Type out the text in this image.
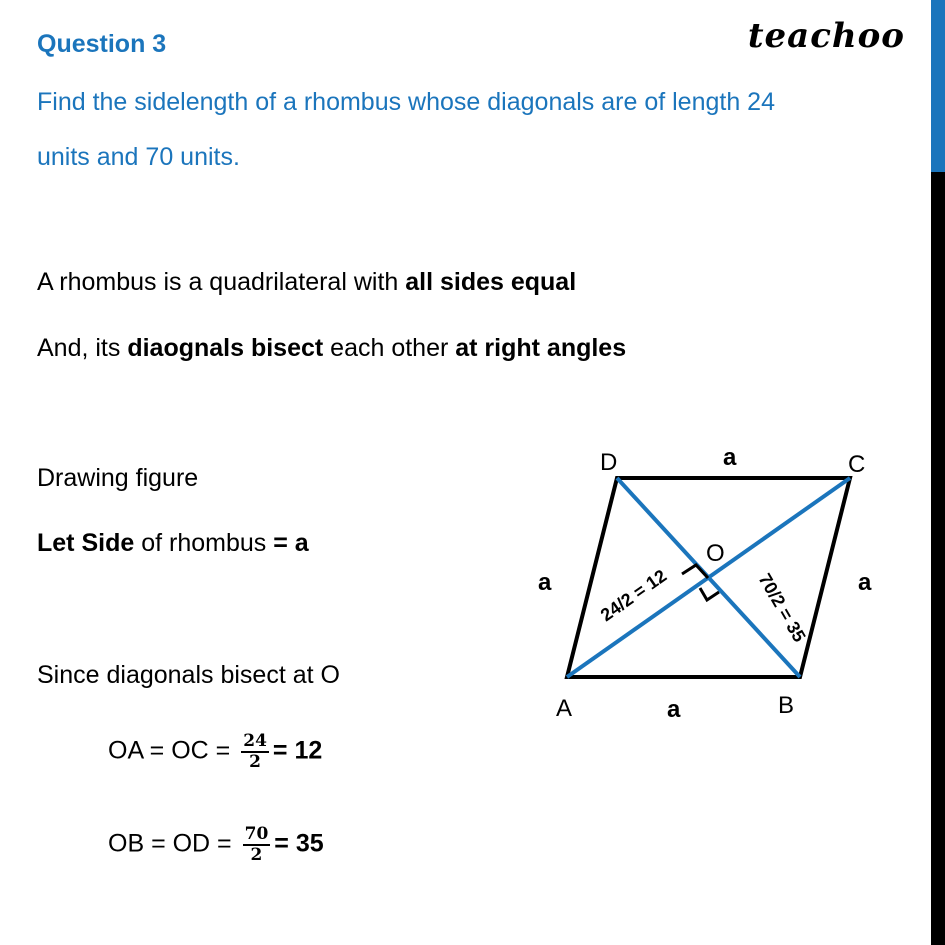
Question 3	teachoo
Find the sidelength of a rhombus whose diagonals are of length 24
units and 70 units.
A rhombus is a quadrilateral with all sides equal
And, its diaognals bisect each other at right angles
Drawing figure
Let Side of rhombus = a
Since diagonals bisect at O
OA = OC = $\frac{24}{2} = 12$
OB = OD = $\frac{70}{2} = 35$
D	C
A	B
O
a
a	a
a
24/2 = 12	70/2 = 35
